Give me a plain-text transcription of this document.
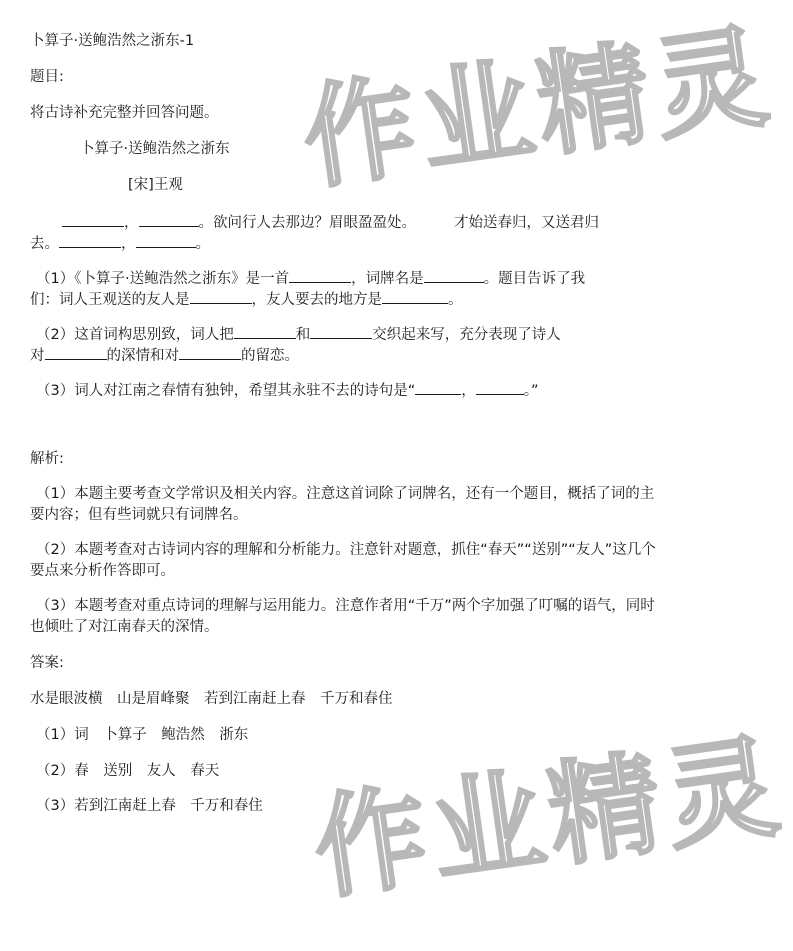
作业精灵
作业精灵
卜算子·送鲍浩然之浙东-1
题目:
将古诗补充完整并回答问题。
卜算子·送鲍浩然之浙东
[宋]王观
，	。欲问行人去那边？眉眼盈盈处。	才始送春归，又送君归
去。	，	。
（1）《卜算子·送鲍浩然之浙东》是一首	，词牌名是	。题目告诉了我
们：词人王观送的友人是	，友人要去的地方是	。
（2）这首词构思别致，词人把	和	交织起来写，充分表现了诗人
对	的深情和对	的留恋。
（3）词人对江南之春情有独钟，希望其永驻不去的诗句是“	，	。”
解析:
（1）本题主要考查文学常识及相关内容。注意这首词除了词牌名，还有一个题目，概括了词的主要内容；但有些词就只有词牌名。
（2）本题考查对古诗词内容的理解和分析能力。注意针对题意，抓住“春天”“送别”“友人”这几个要点来分析作答即可。
（3）本题考查对重点诗词的理解与运用能力。注意作者用“千万”两个字加强了叮嘱的语气，同时也倾吐了对江南春天的深情。
答案:
水是眼波横　山是眉峰聚　若到江南赶上春　千万和春住
（1）词　卜算子　鲍浩然　浙东
（2）春　送别　友人　春天
（3）若到江南赶上春　千万和春住
